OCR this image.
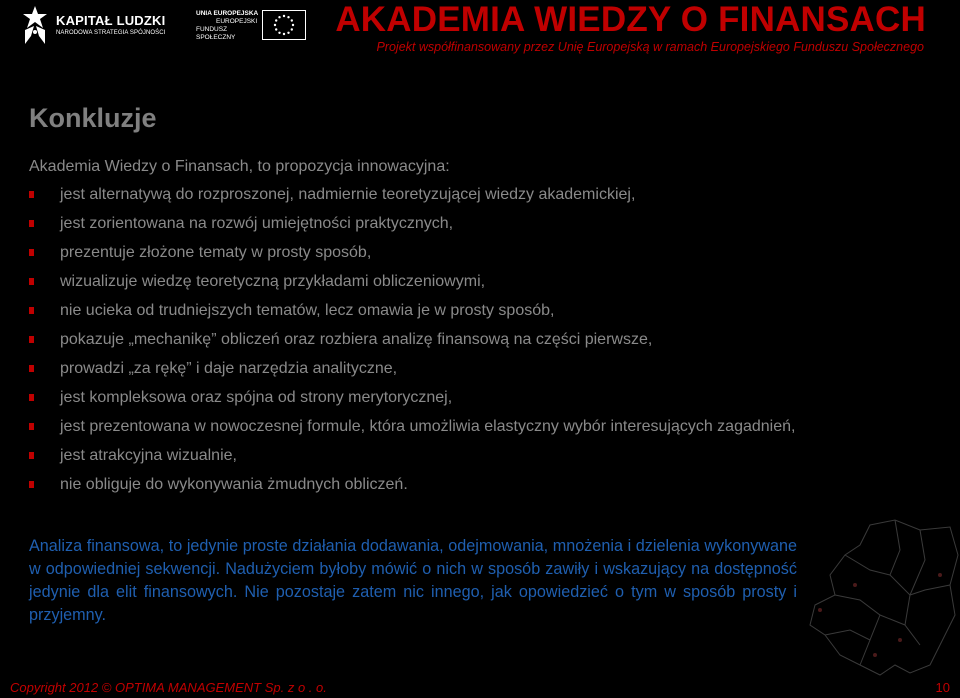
KAPITAŁ LUDZKI
NARODOWA STRATEGIA SPÓJNOŚCI
UNIA EUROPEJSKA
EUROPEJSKI
FUNDUSZ SPOŁECZNY	AKADEMIA WIEDZY O FINANSACH
Projekt współfinansowany przez Unię Europejską w ramach Europejskiego Funduszu Społecznego
Konkluzje

Akademia Wiedzy o Finansach, to propozycja innowacyjna:

jest alternatywą do rozproszonej, nadmiernie teoretyzującej wiedzy akademickiej,
jest zorientowana na rozwój umiejętności praktycznych,
prezentuje złożone tematy w prosty sposób,
wizualizuje wiedzę teoretyczną przykładami obliczeniowymi,
nie ucieka od trudniejszych tematów, lecz omawia je w prosty sposób,
pokazuje „mechanikę” obliczeń oraz rozbiera analizę finansową na części pierwsze,
prowadzi „za rękę” i daje narzędzia analityczne,
jest kompleksowa oraz spójna od strony merytorycznej,
jest prezentowana w nowoczesnej formule, która umożliwia elastyczny wybór interesujących zagadnień,
jest atrakcyjna wizualnie,
nie obliguje do wykonywania żmudnych obliczeń.

Analiza finansowa, to jedynie proste działania dodawania, odejmowania, mnożenia i dzielenia wykonywane w odpowiedniej sekwencji. Nadużyciem byłoby mówić o nich w sposób zawiły i wskazujący na dostępność jedynie dla elit finansowych. Nie pozostaje zatem nic innego, jak opowiedzieć o tym w sposób prosty i przyjemny.

Copyright 2012 © OPTIMA MANAGEMENT Sp. z o . o.	10
